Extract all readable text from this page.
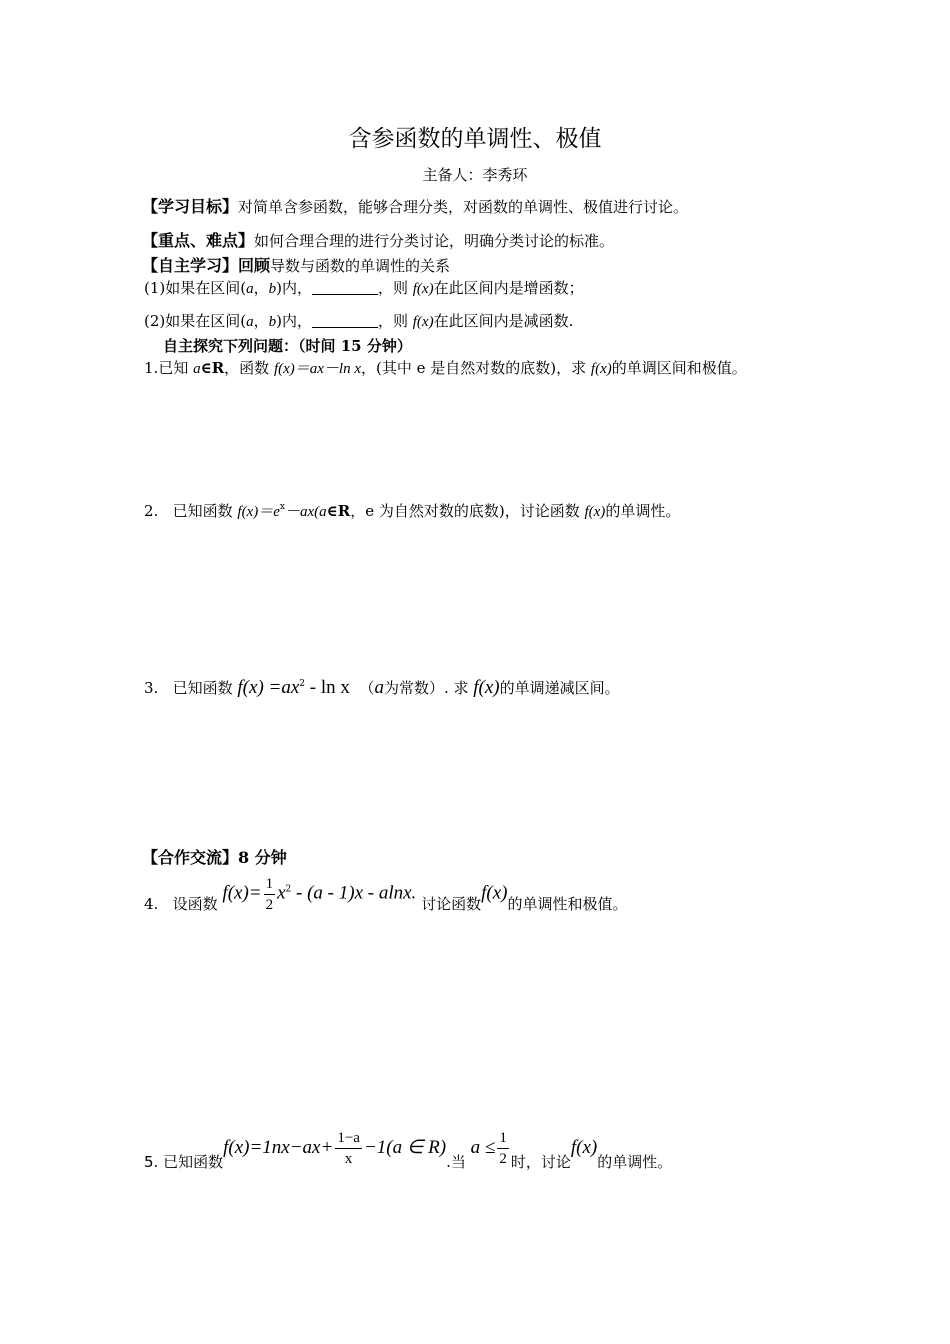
含参函数的单调性、极值
主备人：李秀环
【学习目标】对简单含参函数，能够合理分类，对函数的单调性、极值进行讨论。
【重点、难点】如何合理合理的进行分类讨论，明确分类讨论的标准。
【自主学习】回顾导数与函数的单调性的关系
(1)如果在区间(a，b)内，	，则 f(x)在此区间内是增函数；
(2)如果在区间(a，b)内，	，则 f(x)在此区间内是减函数.
自主探究下列问题：（时间 15 分钟）
1.已知 a∈R，函数 f(x)＝ax－ln x，(其中 e 是自然对数的底数)，求 f(x)的单调区间和极值。
2. 已知函数 $f(x)=e^x-ax(a\in R$，e 为自然对数的底数)，讨论函数 f(x)的单调性。
3. 已知函数 $f(x) =ax^2 - \ln x$ （a为常数）. 求 f(x)的单调递减区间。
【合作交流】8 分钟
4. 设函数 $f(x)= \frac{1}{2} x^2 - (a - 1)x - alnx$. 讨论函数f(x)的单调性和极值。
5. 已知函数$f(x)=1nx-ax+ \frac{1-a}{x} -1(a$ ∈ R).当 $a \le \frac{1}{2}$ 时，讨论f(x)的单调性。
